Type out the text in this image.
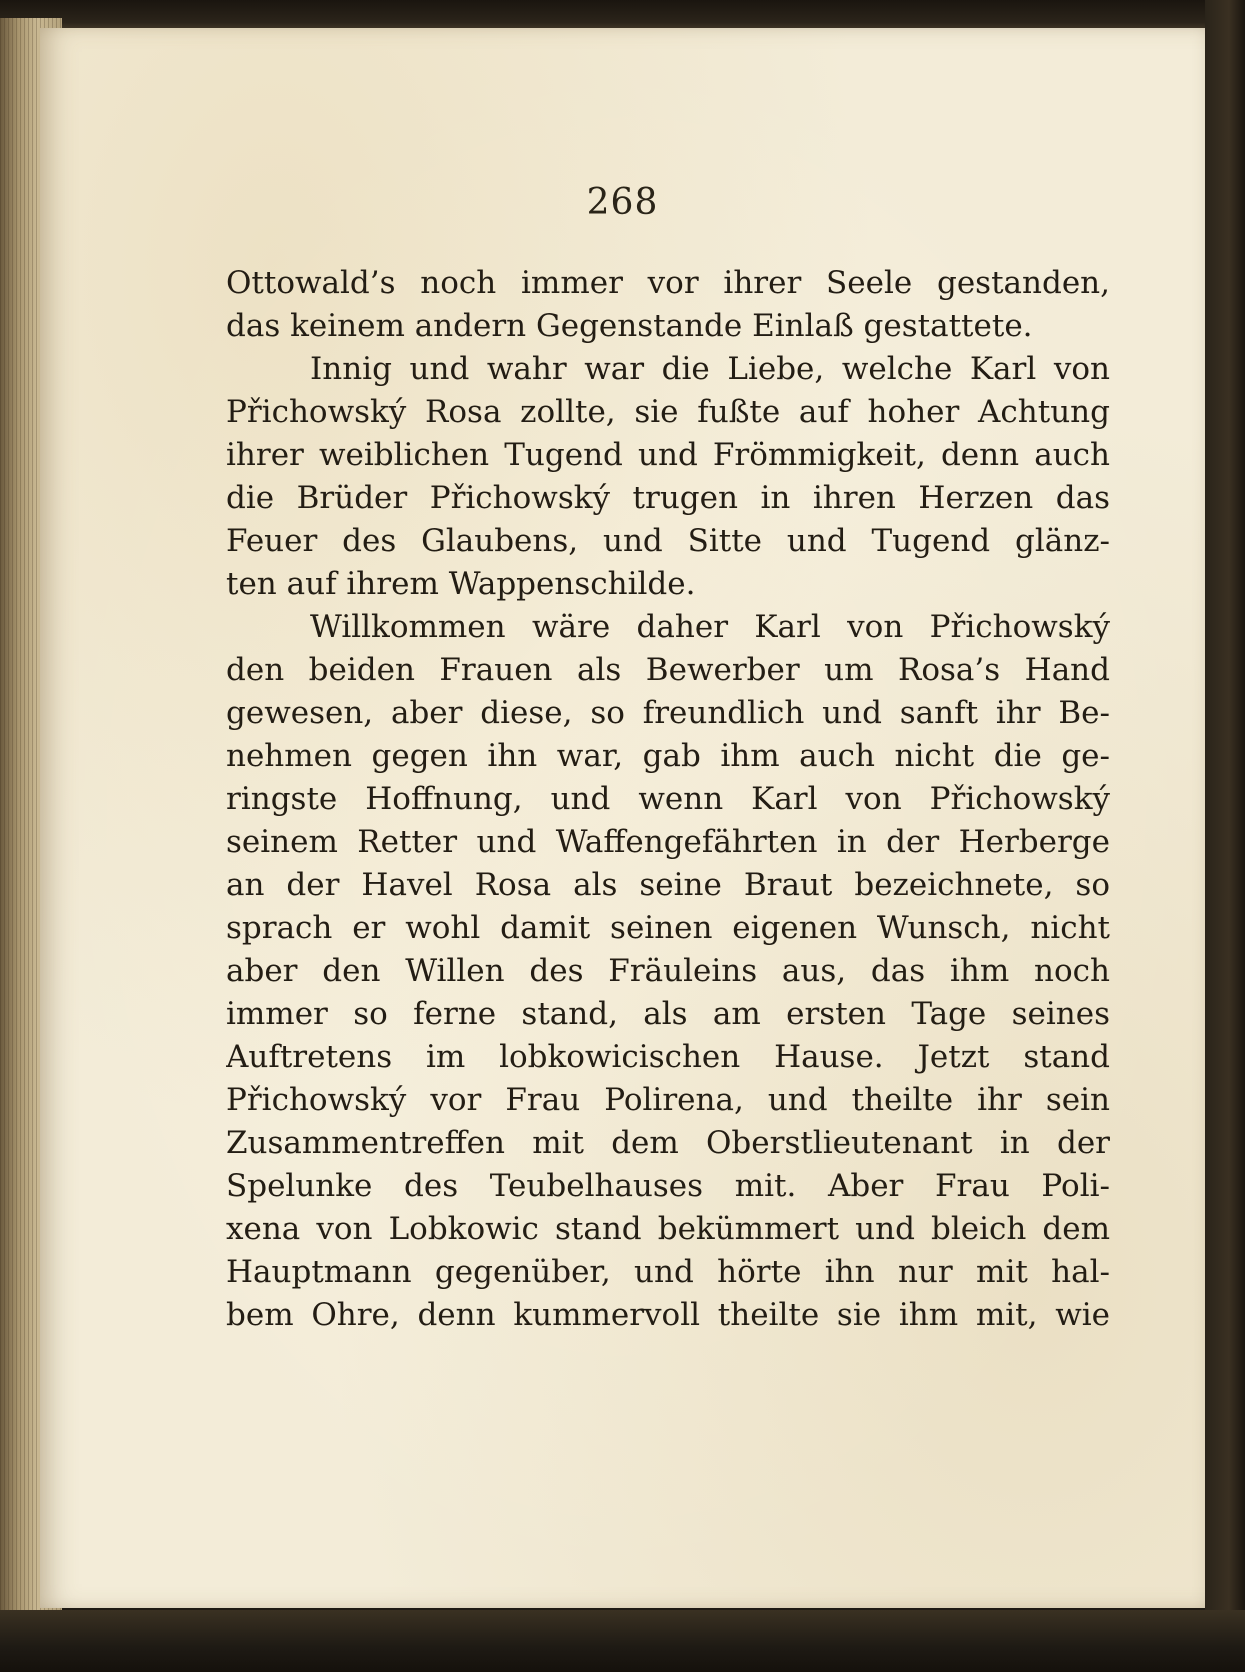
268
Ottowald’s noch immer vor ihrer Seele gestanden,
das keinem andern Gegenstande Einlaß gestattete.
Innig und wahr war die Liebe, welche Karl von
Přichowský Rosa zollte, sie fußte auf hoher Achtung
ihrer weiblichen Tugend und Frömmigkeit, denn auch
die Brüder Přichowský trugen in ihren Herzen das
Feuer des Glaubens, und Sitte und Tugend glänz-
ten auf ihrem Wappenschilde.
Willkommen wäre daher Karl von Přichowský
den beiden Frauen als Bewerber um Rosa’s Hand
gewesen, aber diese, so freundlich und sanft ihr Be-
nehmen gegen ihn war, gab ihm auch nicht die ge-
ringste Hoffnung, und wenn Karl von Přichowský
seinem Retter und Waffengefährten in der Herberge
an der Havel Rosa als seine Braut bezeichnete, so
sprach er wohl damit seinen eigenen Wunsch, nicht
aber den Willen des Fräuleins aus, das ihm noch
immer so ferne stand, als am ersten Tage seines
Auftretens im lobkowicischen Hause. Jetzt stand
Přichowský vor Frau Polirena, und theilte ihr sein
Zusammentreffen mit dem Oberstlieutenant in der
Spelunke des Teubelhauses mit. Aber Frau Poli-
xena von Lobkowic stand bekümmert und bleich dem
Hauptmann gegenüber, und hörte ihn nur mit hal-
bem Ohre, denn kummervoll theilte sie ihm mit, wie
